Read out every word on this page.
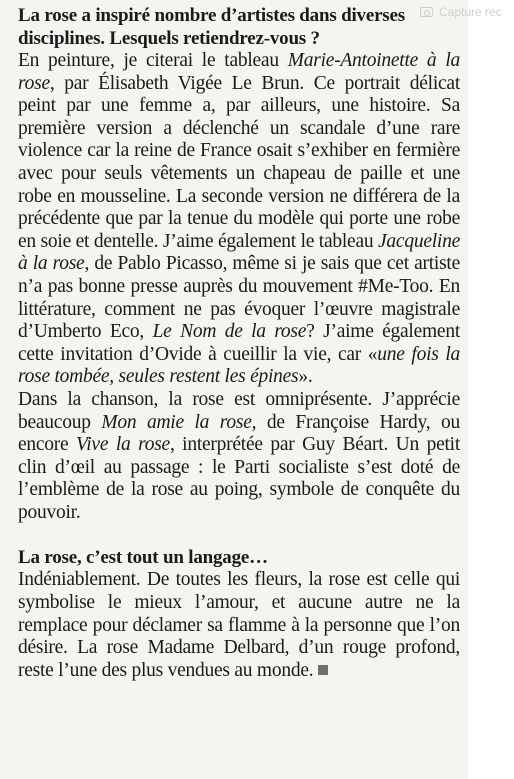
La rose a inspiré nombre d’artistes dans diverses disciplines. Lesquels retiendrez-vous ?

En peinture, je citerai le tableau Marie-Antoinette à la rose, par Élisabeth Vigée Le Brun. Ce portrait délicat peint par une femme a, par ailleurs, une histoire. Sa première version a déclenché un scandale d’une rare violence car la reine de France osait s’exhiber en fermière avec pour seuls vêtements un chapeau de paille et une robe en mousseline. La seconde version ne différera de la précédente que par la tenue du modèle qui porte une robe en soie et dentelle. J’aime également le tableau Jacqueline à la rose, de Pablo Picasso, même si je sais que cet artiste n’a pas bonne presse auprès du mouvement #Me-Too. En littérature, comment ne pas évoquer l’œuvre magistrale d’Umberto Eco, Le Nom de la rose? J’aime également cette invitation d’Ovide à cueillir la vie, car «une fois la rose tombée, seules restent les épines».

Dans la chanson, la rose est omniprésente. J’apprécie beaucoup Mon amie la rose, de Françoise Hardy, ou encore Vive la rose, interprétée par Guy Béart. Un petit clin d’œil au passage : le Parti socialiste s’est doté de l’emblème de la rose au poing, symbole de conquête du pouvoir.

La rose, c’est tout un langage…

Indéniablement. De toutes les fleurs, la rose est celle qui symbolise le mieux l’amour, et aucune autre ne la remplace pour déclamer sa flamme à la personne que l’on désire. La rose Madame Delbard, d’un rouge profond, reste l’une des plus vendues au monde.

Capture rec
